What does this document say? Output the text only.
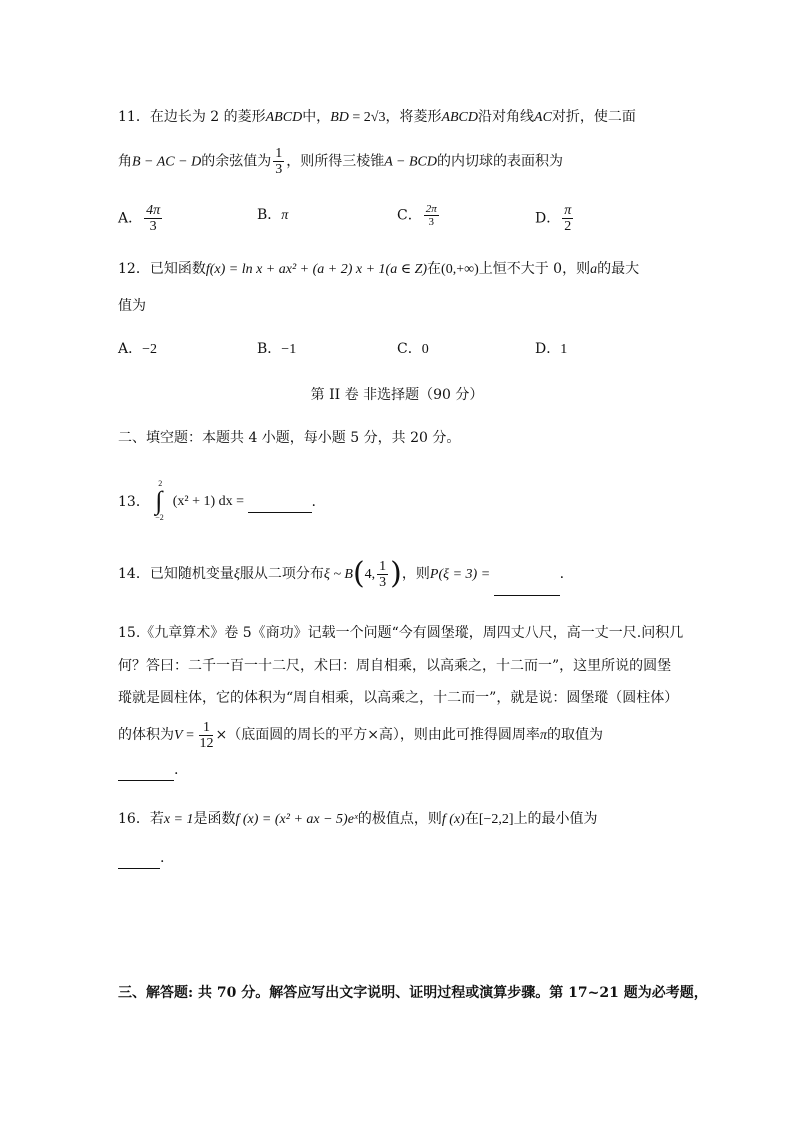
11．在边长为 2 的菱形ABCD中，BD = 2√3，将菱形ABCD沿对角线AC对折，使二面
角B − AC − D的余弦值为 $\frac{1}{3}$ ，则所得三棱锥A − BCD的内切球的表面积为
A． $\frac{4\pi}{3}$	B．π	C． $\frac{2\pi}{3}$	D． $\frac{\pi}{2}$
12．已知函数f(x) = ln x + ax² + (a + 2) x + 1(a ∈ Z)在(0,+∞)上恒不大于 0，则a的最大
值为
A．−2	B．−1	C．0	D．1
第 II 卷 非选择题（90 分）
二、填空题：本题共 4 小题，每小题 5 分，共 20 分。
13．
2
∫
−2
(x² + 1) dx =	.
14．已知随机变量ξ服从二项分布ξ ~ B(4, $\frac{1}{3}$ )，则P(ξ = 3) =	.
15.《九章算术》卷 5《商功》记载一个问题“今有圆堡瑽，周四丈八尺，高一丈一尺.问积几
何？答曰：二千一百一十二尺，术曰：周自相乘，以高乘之，十二而一”，这里所说的圆堡
瑽就是圆柱体，它的体积为“周自相乘，以高乘之，十二而一”，就是说：圆堡瑽（圆柱体）
的体积为$V = \frac{1}{12}$ ×（底面圆的周长的平方×高），则由此可推得圆周率π的取值为
.
16．若x = 1是函数f (x) = (x² + ax − 5)eˣ的极值点，则f (x)在[−2,2]上的最小值为
.
三、解答题: 共 70 分。解答应写出文字说明、证明过程或演算步骤。第 17~21 题为必考题，
